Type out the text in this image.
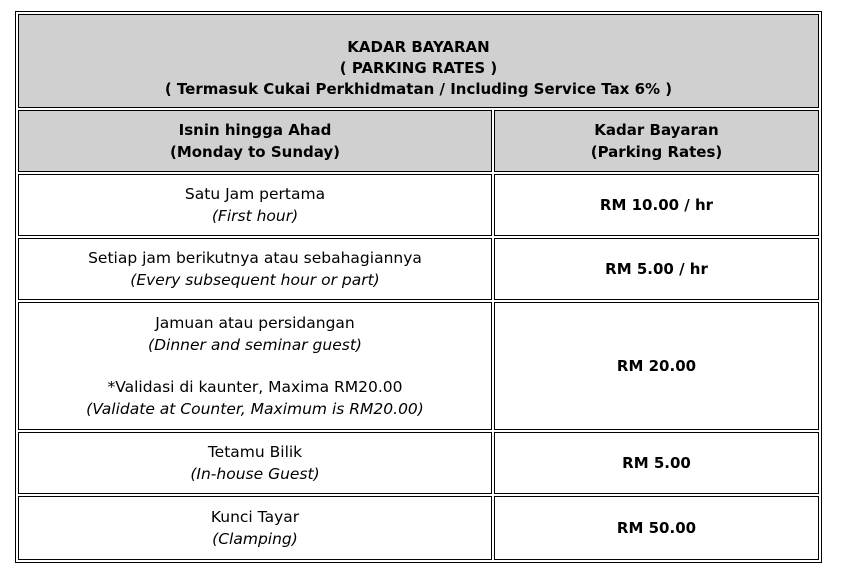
KADAR BAYARAN
( PARKING RATES )
( Termasuk Cukai Perkhidmatan / Including Service Tax 6% )
Isnin hingga Ahad
(Monday to Sunday)
Kadar Bayaran
(Parking Rates)
Satu Jam pertama
(First hour)
RM 10.00 / hr
Setiap jam berikutnya atau sebahagiannya
(Every subsequent hour or part)
RM 5.00 / hr
Jamuan atau persidangan
(Dinner and seminar guest)
*Validasi di kaunter, Maxima RM20.00
(Validate at Counter, Maximum is RM20.00)
RM 20.00
Tetamu Bilik
(In-house Guest)
RM 5.00
Kunci Tayar
(Clamping)
RM 50.00
